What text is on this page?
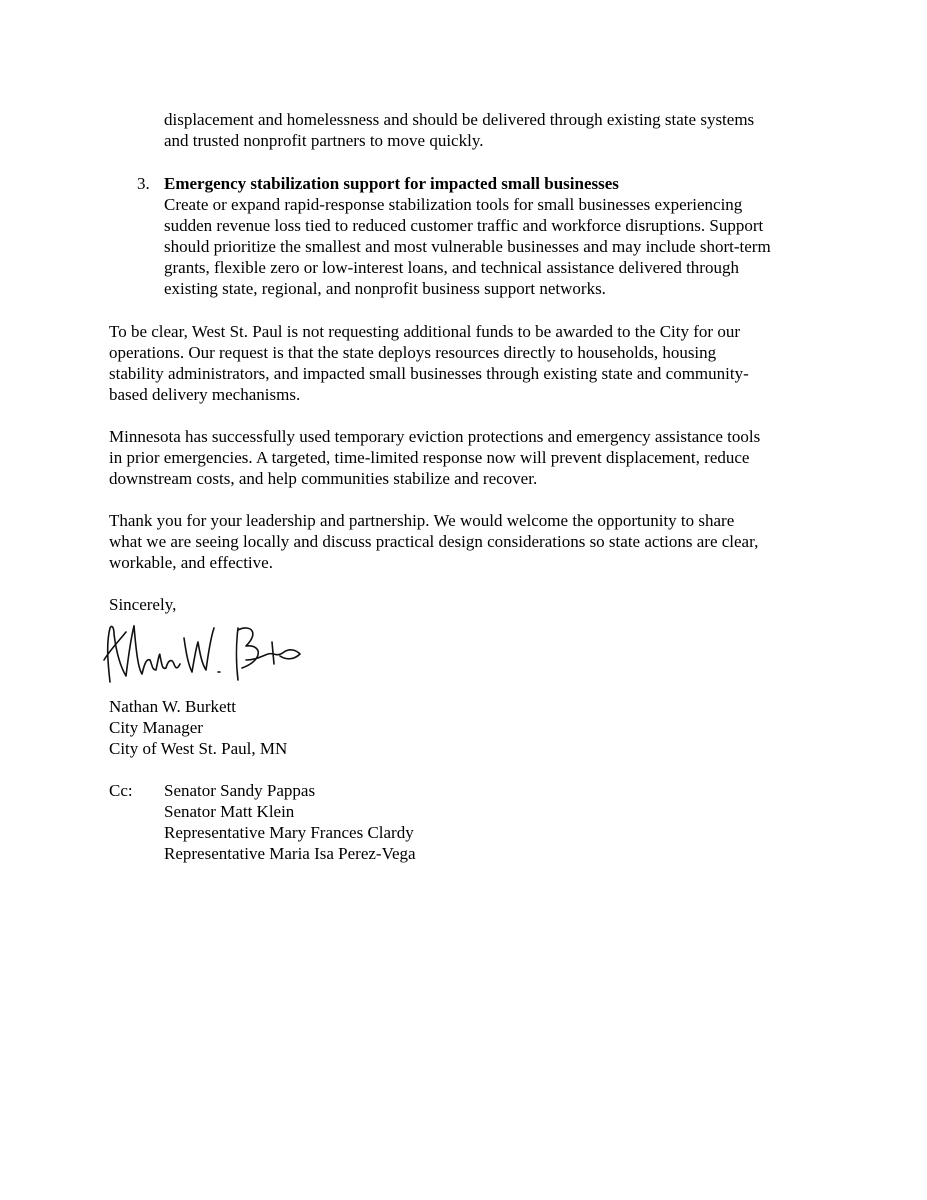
displacement and homelessness and should be delivered through existing state systems
and trusted nonprofit partners to move quickly.
3. Emergency stabilization support for impacted small businesses
Create or expand rapid-response stabilization tools for small businesses experiencing
sudden revenue loss tied to reduced customer traffic and workforce disruptions. Support
should prioritize the smallest and most vulnerable businesses and may include short-term
grants, flexible zero or low-interest loans, and technical assistance delivered through
existing state, regional, and nonprofit business support networks.
To be clear, West St. Paul is not requesting additional funds to be awarded to the City for our
operations. Our request is that the state deploys resources directly to households, housing
stability administrators, and impacted small businesses through existing state and community-
based delivery mechanisms.
Minnesota has successfully used temporary eviction protections and emergency assistance tools
in prior emergencies. A targeted, time-limited response now will prevent displacement, reduce
downstream costs, and help communities stabilize and recover.
Thank you for your leadership and partnership. We would welcome the opportunity to share
what we are seeing locally and discuss practical design considerations so state actions are clear,
workable, and effective.
Sincerely,
Nathan W. Burkett
City Manager
City of West St. Paul, MN
Cc: Senator Sandy Pappas
Senator Matt Klein
Representative Mary Frances Clardy
Representative Maria Isa Perez-Vega
